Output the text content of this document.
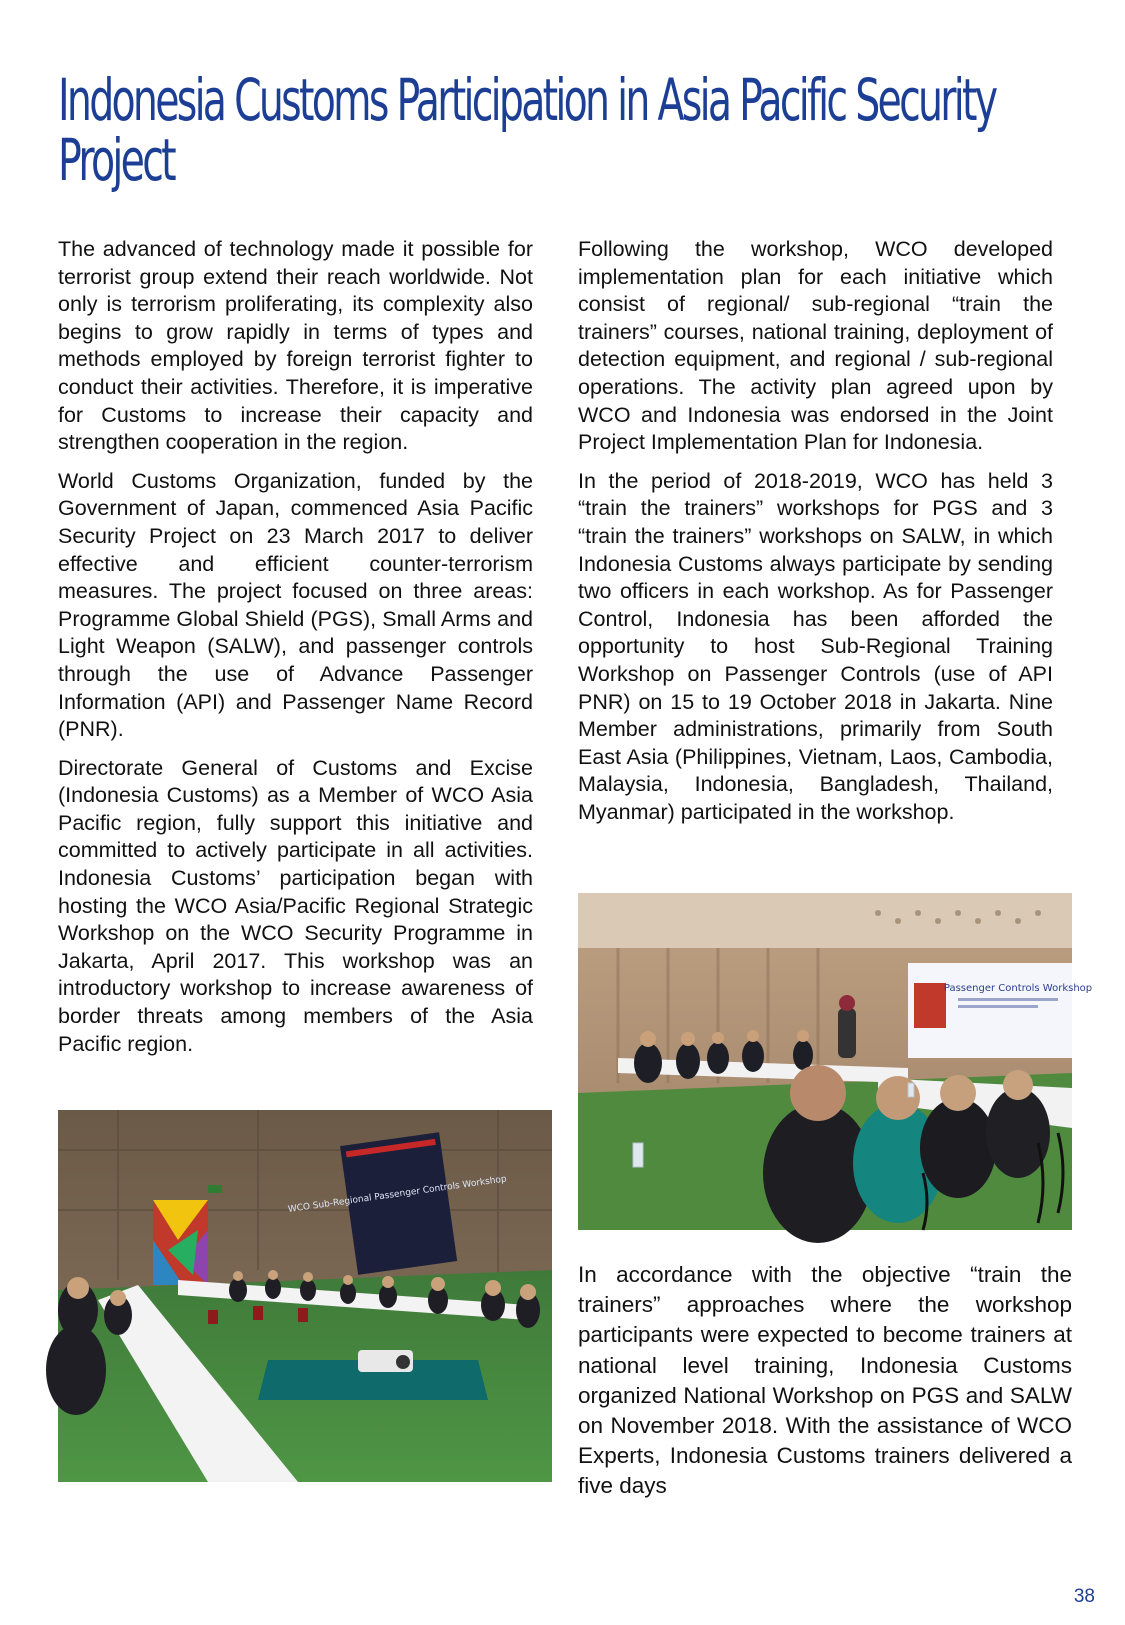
Indonesia Customs Participation in Asia Pacific Security
Project

The advanced of technology made it possible for terrorist group extend their reach worldwide. Not only is terrorism proliferating, its complexity also begins to grow rapidly in terms of types and methods employed by foreign terrorist fighter to conduct their activities. Therefore, it is imperative for Customs to increase their capacity and strengthen cooperation in the region.

World Customs Organization, funded by the Government of Japan, commenced Asia Pacific Security Project on 23 March 2017 to deliver effective and efficient counter-terrorism measures. The project focused on three areas: Programme Global Shield (PGS), Small Arms and Light Weapon (SALW), and passenger controls through the use of Advance Passenger Information (API) and Passenger Name Record (PNR).

Directorate General of Customs and Excise (Indonesia Customs) as a Member of WCO Asia Pacific region, fully support this initiative and committed to actively participate in all activities. Indonesia Customs’ participation began with hosting the WCO Asia/Pacific Regional Strategic Workshop on the WCO Security Programme in Jakarta, April 2017. This workshop was an introductory workshop to increase awareness of border threats among members of the Asia Pacific region.

Following the workshop, WCO developed implementation plan for each initiative which consist of regional/ sub-regional “train the trainers” courses, national training, deployment of detection equipment, and regional / sub-regional operations. The activity plan agreed upon by WCO and Indonesia was endorsed in the Joint Project Implementation Plan for Indonesia.

In the period of 2018-2019, WCO has held 3 “train the trainers” workshops for PGS and 3 “train the trainers” workshops on SALW, in which Indonesia Customs always participate by sending two officers in each workshop. As for Passenger Control, Indonesia has been afforded the opportunity to host Sub-Regional Training Workshop on Passenger Controls (use of API PNR) on 15 to 19 October 2018 in Jakarta. Nine Member administrations, primarily from South East Asia (Philippines, Vietnam, Laos, Cambodia, Malaysia, Indonesia, Bangladesh, Thailand, Myanmar) participated in the workshop.

WCO Sub-Regional Passenger Controls Workshop
Passenger Controls Workshop

In accordance with the objective “train the trainers” approaches where the workshop participants were expected to become trainers at national level training, Indonesia Customs organized National Workshop on PGS and SALW on November 2018. With the assistance of WCO Experts, Indonesia Customs trainers delivered a five days

38
